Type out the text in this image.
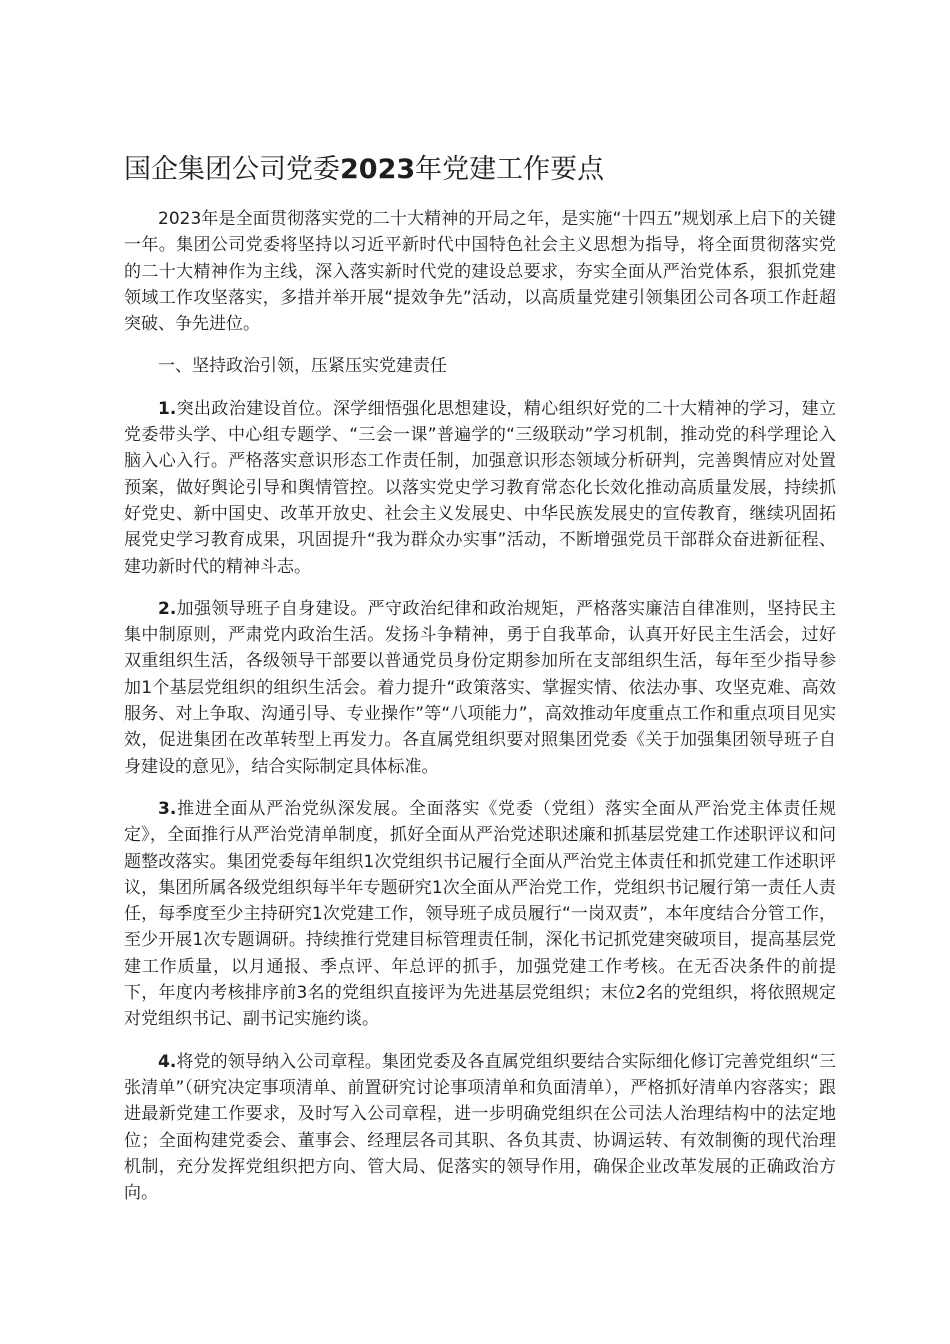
国企集团公司党委2023年党建工作要点

2023年是全面贯彻落实党的二十大精神的开局之年，是实施“十四五”规划承上启下的关键一年。集团公司党委将坚持以习近平新时代中国特色社会主义思想为指导，将全面贯彻落实党的二十大精神作为主线，深入落实新时代党的建设总要求，夯实全面从严治党体系，狠抓党建领域工作攻坚落实，多措并举开展“提效争先”活动，以高质量党建引领集团公司各项工作赶超突破、争先进位。

一、坚持政治引领，压紧压实党建责任

1.突出政治建设首位。深学细悟强化思想建设，精心组织好党的二十大精神的学习，建立党委带头学、中心组专题学、“三会一课”普遍学的“三级联动”学习机制，推动党的科学理论入脑入心入行。严格落实意识形态工作责任制，加强意识形态领域分析研判，完善舆情应对处置预案，做好舆论引导和舆情管控。以落实党史学习教育常态化长效化推动高质量发展，持续抓好党史、新中国史、改革开放史、社会主义发展史、中华民族发展史的宣传教育，继续巩固拓展党史学习教育成果，巩固提升“我为群众办实事”活动，不断增强党员干部群众奋进新征程、建功新时代的精神斗志。

2.加强领导班子自身建设。严守政治纪律和政治规矩，严格落实廉洁自律准则，坚持民主集中制原则，严肃党内政治生活。发扬斗争精神，勇于自我革命，认真开好民主生活会，过好双重组织生活，各级领导干部要以普通党员身份定期参加所在支部组织生活，每年至少指导参加1个基层党组织的组织生活会。着力提升“政策落实、掌握实情、依法办事、攻坚克难、高效服务、对上争取、沟通引导、专业操作”等“八项能力”，高效推动年度重点工作和重点项目见实效，促进集团在改革转型上再发力。各直属党组织要对照集团党委《关于加强集团领导班子自身建设的意见》，结合实际制定具体标准。

3.推进全面从严治党纵深发展。全面落实《党委（党组）落实全面从严治党主体责任规定》，全面推行从严治党清单制度，抓好全面从严治党述职述廉和抓基层党建工作述职评议和问题整改落实。集团党委每年组织1次党组织书记履行全面从严治党主体责任和抓党建工作述职评议，集团所属各级党组织每半年专题研究1次全面从严治党工作，党组织书记履行第一责任人责任，每季度至少主持研究1次党建工作，领导班子成员履行“一岗双责”，本年度结合分管工作，至少开展1次专题调研。持续推行党建目标管理责任制，深化书记抓党建突破项目，提高基层党建工作质量，以月通报、季点评、年总评的抓手，加强党建工作考核。在无否决条件的前提下，年度内考核排序前3名的党组织直接评为先进基层党组织；末位2名的党组织，将依照规定对党组织书记、副书记实施约谈。

4.将党的领导纳入公司章程。集团党委及各直属党组织要结合实际细化修订完善党组织“三张清单”（研究决定事项清单、前置研究讨论事项清单和负面清单），严格抓好清单内容落实；跟进最新党建工作要求，及时写入公司章程，进一步明确党组织在公司法人治理结构中的法定地位；全面构建党委会、董事会、经理层各司其职、各负其责、协调运转、有效制衡的现代治理机制，充分发挥党组织把方向、管大局、促落实的领导作用，确保企业改革发展的正确政治方向。
